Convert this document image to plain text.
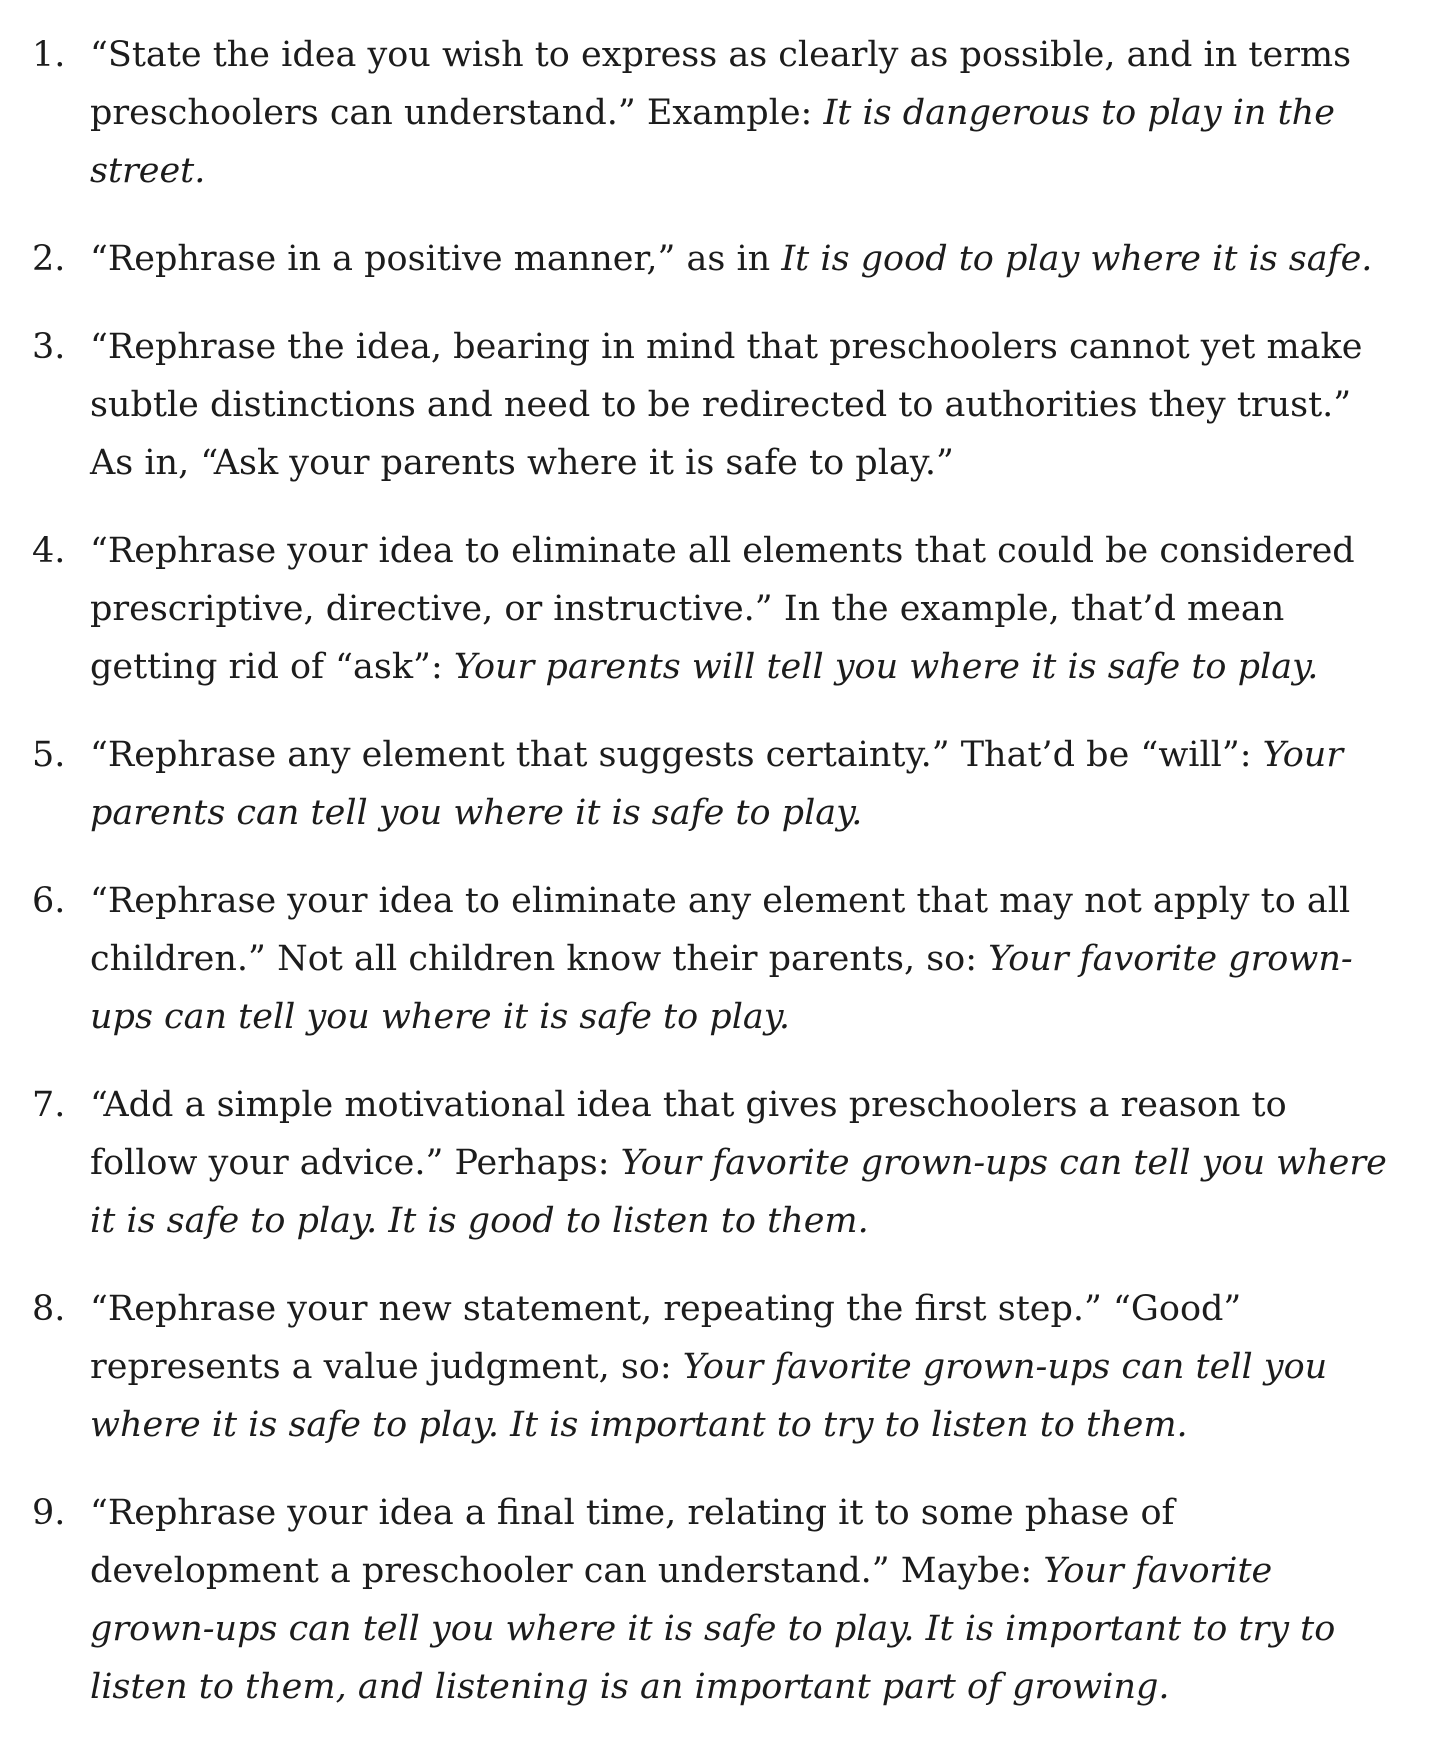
1. “State the idea you wish to express as clearly as possible, and in terms preschoolers can understand.” Example: It is dangerous to play in the street.
2. “Rephrase in a positive manner,” as in It is good to play where it is safe.
3. “Rephrase the idea, bearing in mind that preschoolers cannot yet make subtle distinctions and need to be redirected to authorities they trust.” As in, “Ask your parents where it is safe to play.”
4. “Rephrase your idea to eliminate all elements that could be considered prescriptive, directive, or instructive.” In the example, that’d mean getting rid of “ask”: Your parents will tell you where it is safe to play.
5. “Rephrase any element that suggests certainty.” That’d be “will”: Your parents can tell you where it is safe to play.
6. “Rephrase your idea to eliminate any element that may not apply to all children.” Not all children know their parents, so: Your favorite grown-ups can tell you where it is safe to play.
7. “Add a simple motivational idea that gives preschoolers a reason to follow your advice.” Perhaps: Your favorite grown-ups can tell you where it is safe to play. It is good to listen to them.
8. “Rephrase your new statement, repeating the first step.” “Good” represents a value judgment, so: Your favorite grown-ups can tell you where it is safe to play. It is important to try to listen to them.
9. “Rephrase your idea a final time, relating it to some phase of development a preschooler can understand.” Maybe: Your favorite grown-ups can tell you where it is safe to play. It is important to try to listen to them, and listening is an important part of growing.
